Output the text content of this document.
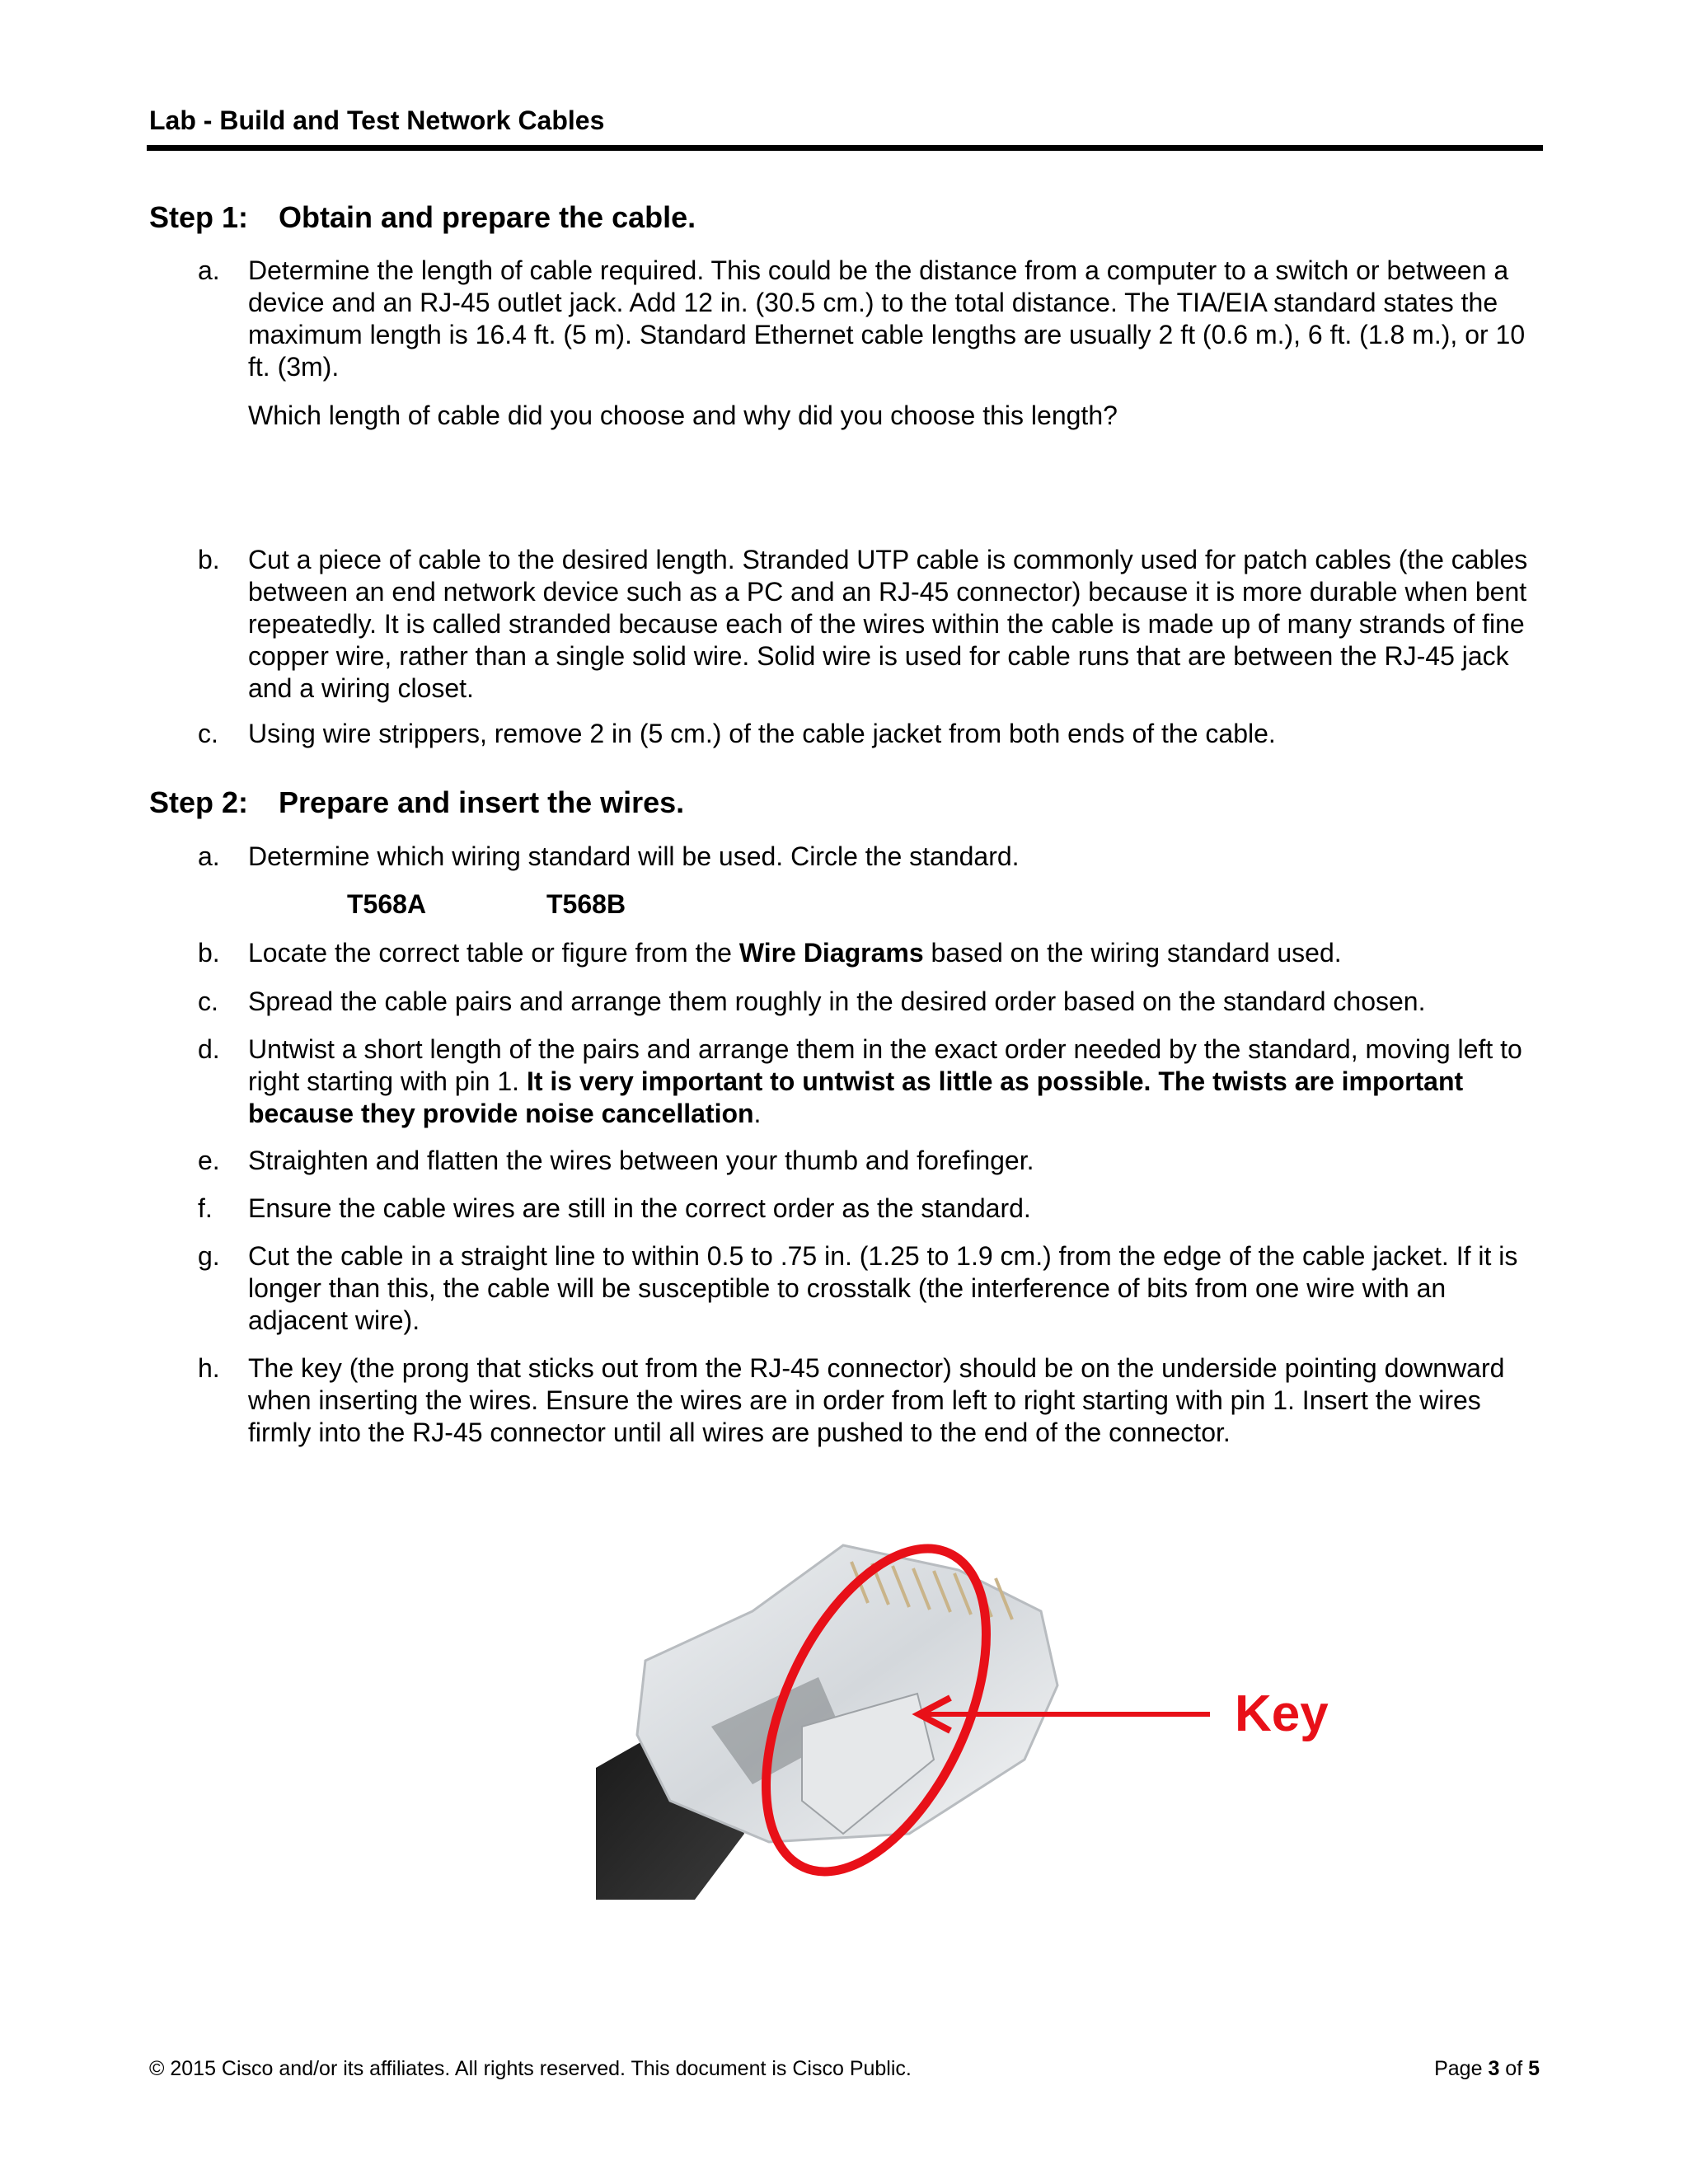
Lab - Build and Test Network Cables
Step 1: Obtain and prepare the cable.
a. Determine the length of cable required. This could be the distance from a computer to a switch or between a device and an RJ-45 outlet jack. Add 12 in. (30.5 cm.) to the total distance. The TIA/EIA standard states the maximum length is 16.4 ft. (5 m). Standard Ethernet cable lengths are usually 2 ft (0.6 m.), 6 ft. (1.8 m.), or 10 ft. (3m).
Which length of cable did you choose and why did you choose this length?
b. Cut a piece of cable to the desired length. Stranded UTP cable is commonly used for patch cables (the cables between an end network device such as a PC and an RJ-45 connector) because it is more durable when bent repeatedly. It is called stranded because each of the wires within the cable is made up of many strands of fine copper wire, rather than a single solid wire. Solid wire is used for cable runs that are between the RJ-45 jack and a wiring closet.
c. Using wire strippers, remove 2 in (5 cm.) of the cable jacket from both ends of the cable.
Step 2: Prepare and insert the wires.
a. Determine which wiring standard will be used. Circle the standard.
T568A	T568B
b. Locate the correct table or figure from the Wire Diagrams based on the wiring standard used.
c. Spread the cable pairs and arrange them roughly in the desired order based on the standard chosen.
d. Untwist a short length of the pairs and arrange them in the exact order needed by the standard, moving left to right starting with pin 1. It is very important to untwist as little as possible. The twists are important because they provide noise cancellation.
e. Straighten and flatten the wires between your thumb and forefinger.
f. Ensure the cable wires are still in the correct order as the standard.
g. Cut the cable in a straight line to within 0.5 to .75 in. (1.25 to 1.9 cm.) from the edge of the cable jacket. If it is longer than this, the cable will be susceptible to crosstalk (the interference of bits from one wire with an adjacent wire).
h. The key (the prong that sticks out from the RJ-45 connector) should be on the underside pointing downward when inserting the wires. Ensure the wires are in order from left to right starting with pin 1. Insert the wires firmly into the RJ-45 connector until all wires are pushed to the end of the connector.
Key
© 2015 Cisco and/or its affiliates. All rights reserved. This document is Cisco Public.	Page 3 of 5
